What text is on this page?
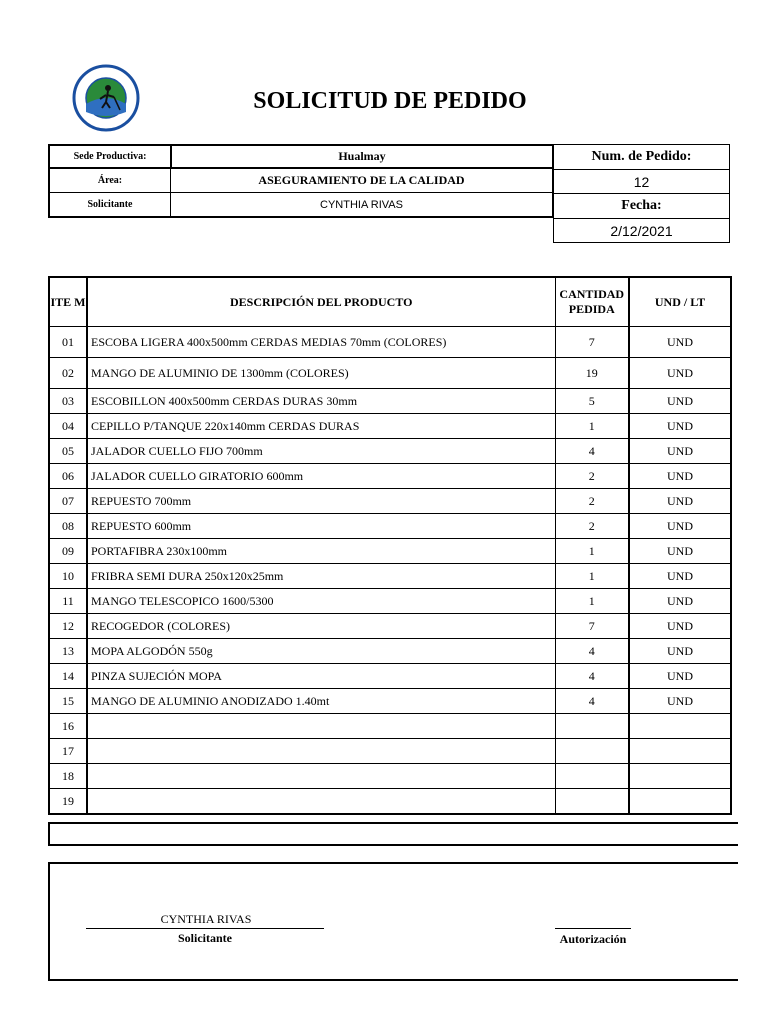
SOLICITUD DE PEDIDO
Sede Productiva:	Hualmay
Área:	ASEGURAMIENTO DE LA CALIDAD
Solicitante	CYNTHIA RIVAS
Num. de Pedido:
12
Fecha:
2/12/2021
ITE M	DESCRIPCIÓN DEL PRODUCTO	CANTIDAD PEDIDA	UND / LT
01	ESCOBA LIGERA 400x500mm CERDAS MEDIAS 70mm (COLORES)	7	UND
02	MANGO DE ALUMINIO DE 1300mm (COLORES)	19	UND
03	ESCOBILLON 400x500mm CERDAS DURAS 30mm	5	UND
04	CEPILLO P/TANQUE 220x140mm CERDAS DURAS	1	UND
05	JALADOR CUELLO FIJO 700mm	4	UND
06	JALADOR CUELLO GIRATORIO 600mm	2	UND
07	REPUESTO 700mm	2	UND
08	REPUESTO 600mm	2	UND
09	PORTAFIBRA 230x100mm	1	UND
10	FRIBRA SEMI DURA 250x120x25mm	1	UND
11	MANGO TELESCOPICO 1600/5300	1	UND
12	RECOGEDOR (COLORES)	7	UND
13	MOPA ALGODÓN 550g	4	UND
14	PINZA SUJECIÓN MOPA	4	UND
15	MANGO DE ALUMINIO ANODIZADO 1.40mt	4	UND
16			
17			
18			
19			
CYNTHIA RIVAS
Solicitante	Autorización
